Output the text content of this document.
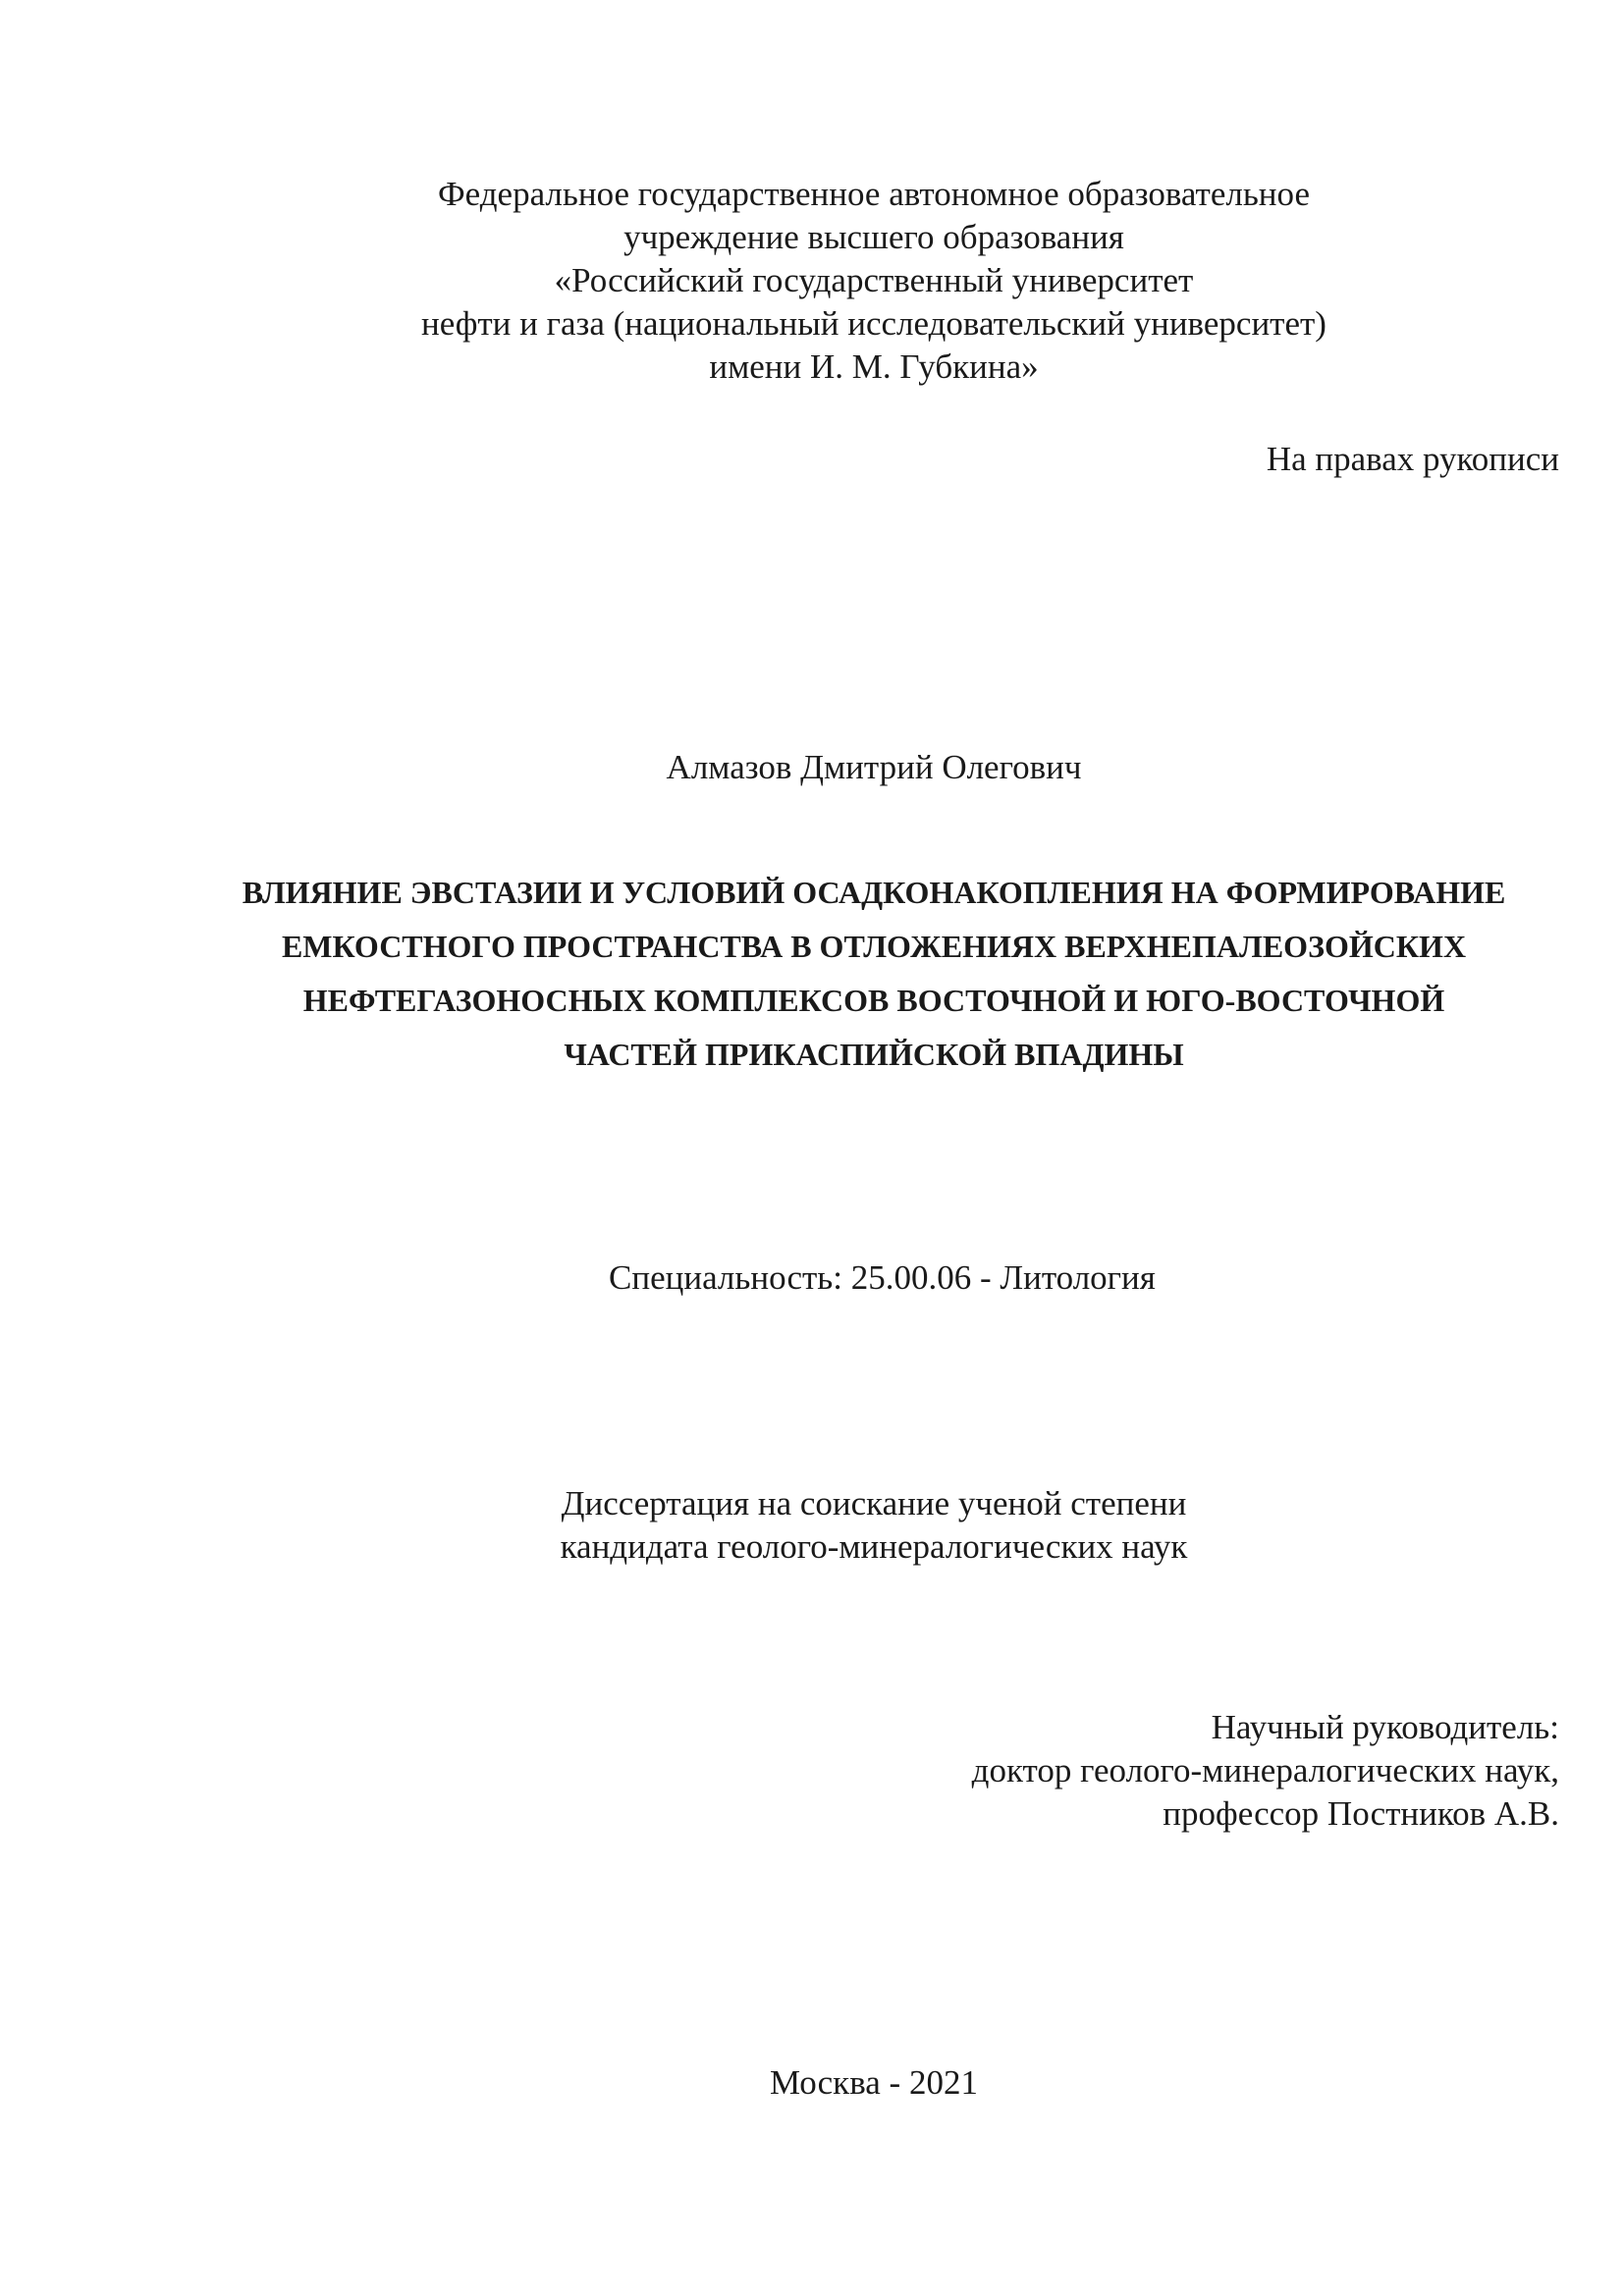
Федеральное государственное автономное образовательное
учреждение высшего образования
«Российский государственный университет
нефти и газа (национальный исследовательский университет)
имени И. М. Губкина»
На правах рукописи
Алмазов Дмитрий Олегович
ВЛИЯНИЕ ЭВСТАЗИИ И УСЛОВИЙ ОСАДКОНАКОПЛЕНИЯ НА ФОРМИРОВАНИЕ
ЕМКОСТНОГО ПРОСТРАНСТВА В ОТЛОЖЕНИЯХ ВЕРХНЕПАЛЕОЗОЙСКИХ
НЕФТЕГАЗОНОСНЫХ КОМПЛЕКСОВ ВОСТОЧНОЙ И ЮГО-ВОСТОЧНОЙ
ЧАСТЕЙ ПРИКАСПИЙСКОЙ ВПАДИНЫ
Специальность: 25.00.06 - Литология
Диссертация на соискание ученой степени
кандидата геолого-минералогических наук
Научный руководитель:
доктор геолого-минералогических наук,
профессор Постников А.В.
Москва - 2021
